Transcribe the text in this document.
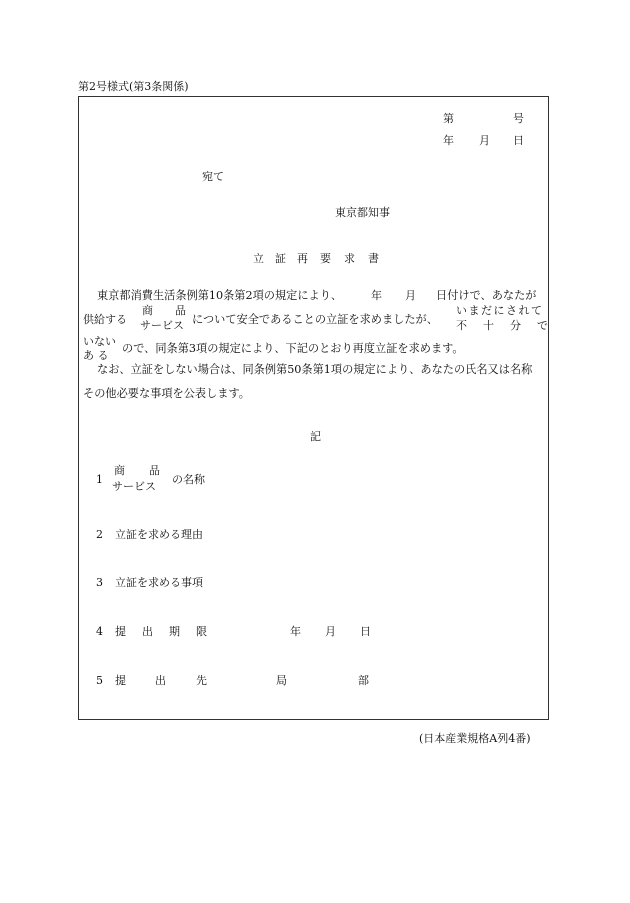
第2号様式(第3条関係)
第	号
年 月 日
宛て
東京都知事
立 証 再 要 求 書
東京都消費生活条例第10条第2項の規定により、	年 月 日付けで、あなたが
供給する
商 品
サービス について安全であることの立証を求めましたが、
いまだにされて
不 十 分 で
いない
あ る
ので、同条第3項の規定により、下記のとおり再度立証を求めます。
なお、立証をしない場合は、同条例第50条第1項の規定により、あなたの氏名又は名称
その他必要な事項を公表します。
記
1
商 品
サービス
の名称
2 立証を求める理由
3 立証を求める事項
4 提 出 期 限	年 月 日
5 提	出	先	局	部
(日本産業規格A列4番)
